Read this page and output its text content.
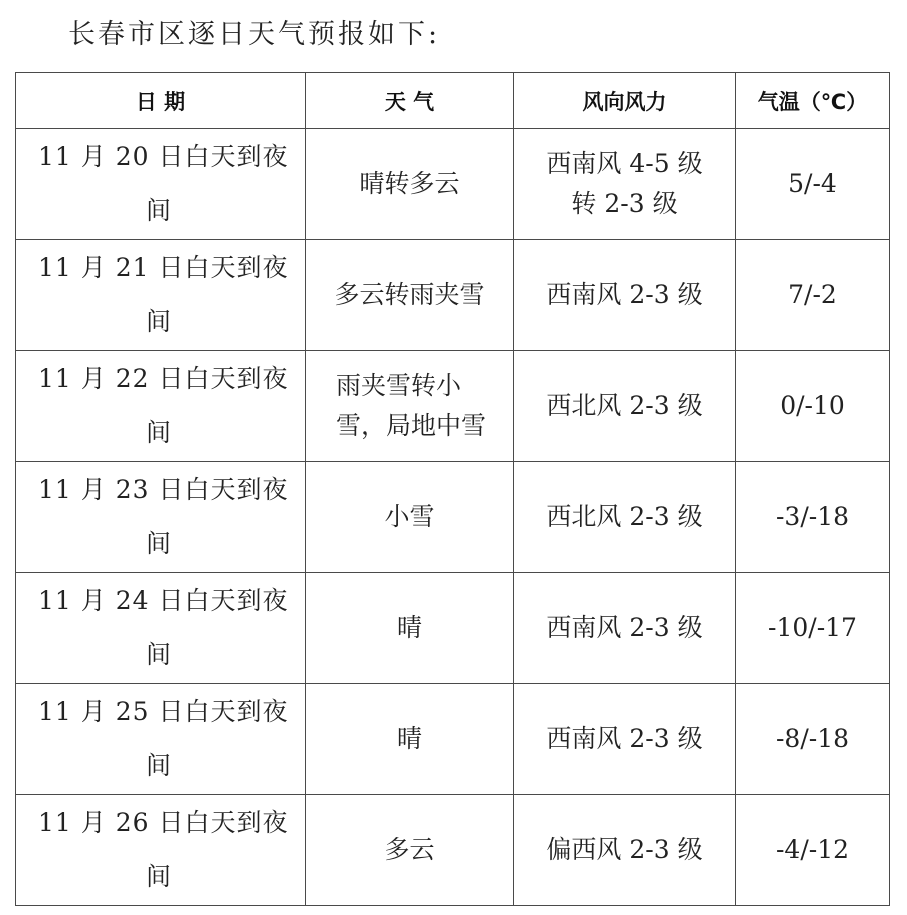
长春市区逐日天气预报如下:
日 期	天 气	风向风力	气温（℃）

11 月 20 日白天到夜
间	晴转多云	西南风 4-5 级转 2-3 级	5/-4

11 月 21 日白天到夜
间	多云转雨夹雪	西南风 2-3 级	7/-2

11 月 22 日白天到夜
间	雨夹雪转小雪，局地中雪	西北风 2-3 级	0/-10

11 月 23 日白天到夜
间	小雪	西北风 2-3 级	-3/-18

11 月 24 日白天到夜
间	晴	西南风 2-3 级	-10/-17

11 月 25 日白天到夜
间	晴	西南风 2-3 级	-8/-18

11 月 26 日白天到夜
间	多云	偏西风 2-3 级	-4/-12
